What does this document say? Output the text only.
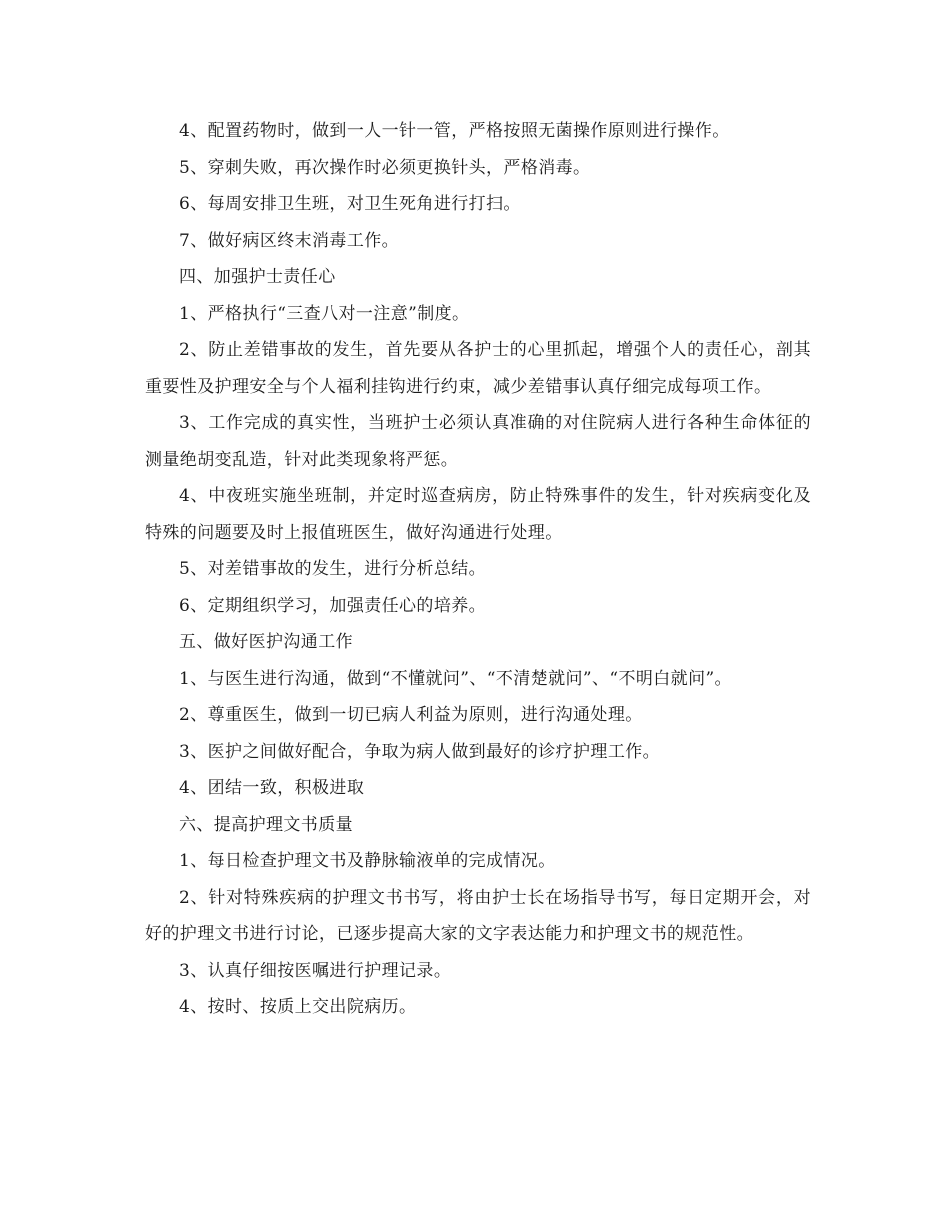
4、配置药物时，做到一人一针一管，严格按照无菌操作原则进行操作。

5、穿刺失败，再次操作时必须更换针头，严格消毒。

6、每周安排卫生班，对卫生死角进行打扫。

7、做好病区终末消毒工作。

四、加强护士责任心

1、严格执行“三查八对一注意”制度。

2、防止差错事故的发生，首先要从各护士的心里抓起，增强个人的责任心，剖其重要性及护理安全与个人福利挂钩进行约束，减少差错事认真仔细完成每项工作。

3、工作完成的真实性，当班护士必须认真准确的对住院病人进行各种生命体征的测量绝胡变乱造，针对此类现象将严惩。

4、中夜班实施坐班制，并定时巡查病房，防止特殊事件的发生，针对疾病变化及特殊的问题要及时上报值班医生，做好沟通进行处理。

5、对差错事故的发生，进行分析总结。

6、定期组织学习，加强责任心的培养。

五、做好医护沟通工作

1、与医生进行沟通，做到“不懂就问”、“不清楚就问”、“不明白就问”。

2、尊重医生，做到一切已病人利益为原则，进行沟通处理。

3、医护之间做好配合，争取为病人做到最好的诊疗护理工作。

4、团结一致，积极进取

六、提高护理文书质量

1、每日检查护理文书及静脉输液单的完成情况。

2、针对特殊疾病的护理文书书写，将由护士长在场指导书写，每日定期开会，对好的护理文书进行讨论，已逐步提高大家的文字表达能力和护理文书的规范性。

3、认真仔细按医嘱进行护理记录。

4、按时、按质上交出院病历。
